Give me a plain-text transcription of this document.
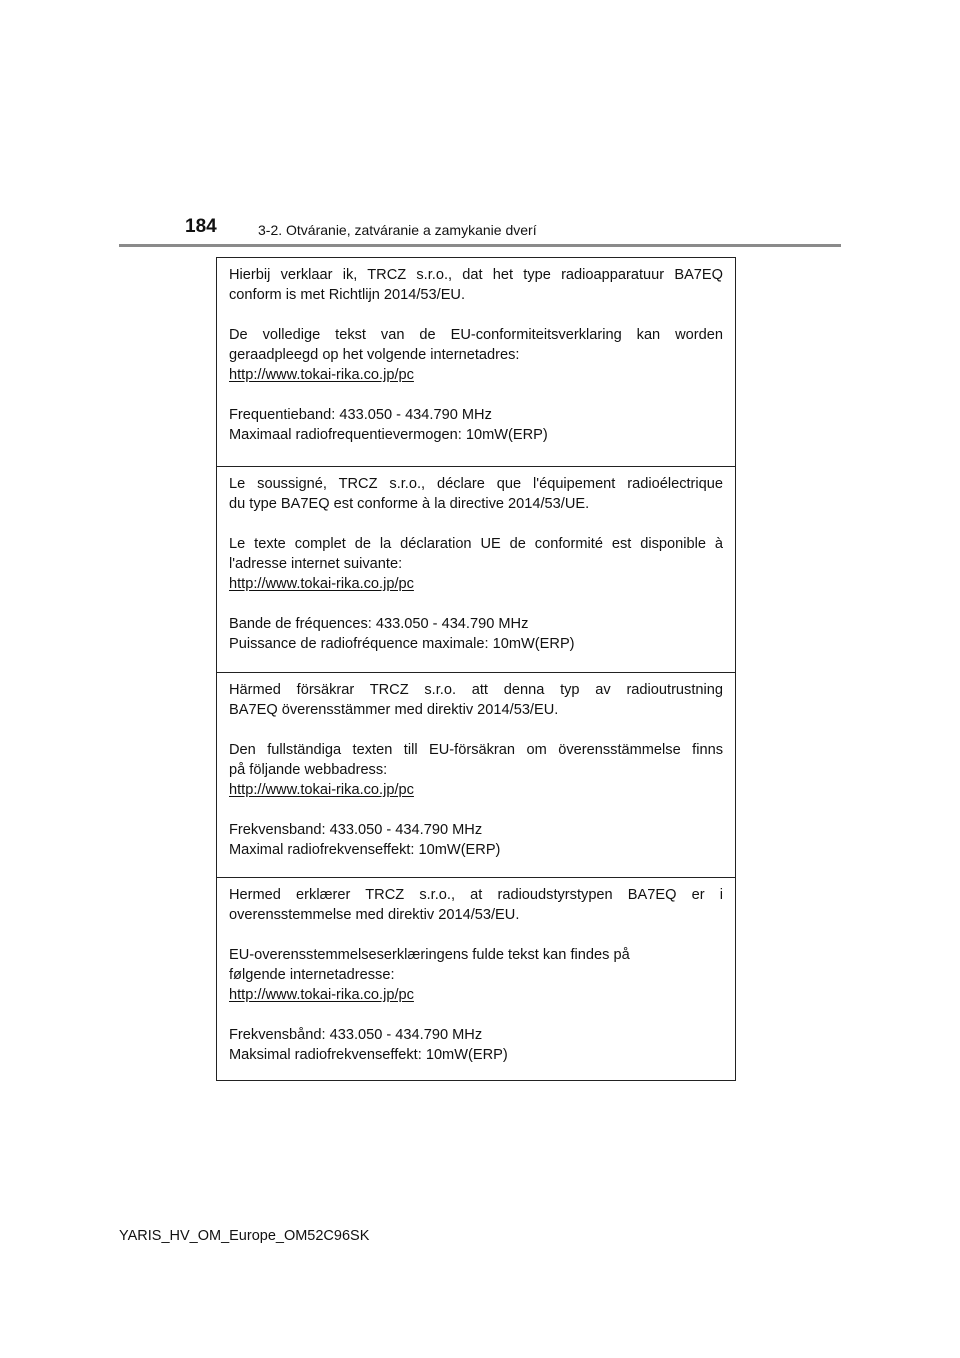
184	3-2. Otváranie, zatváranie a zamykanie dverí

Hierbij verklaar ik, TRCZ s.r.o., dat het type radioapparatuur BA7EQ

conform is met Richtlijn 2014/53/EU.

De volledige tekst van de EU-conformiteitsverklaring kan worden

geraadpleegd op het volgende internetadres:

http://www.tokai-rika.co.jp/pc

Frequentieband: 433.050 - 434.790 MHz

Maximaal radiofrequentievermogen: 10mW(ERP)

Le soussigné, TRCZ s.r.o., déclare que l'équipement radioélectrique

du type BA7EQ est conforme à la directive 2014/53/UE.

Le texte complet de la déclaration UE de conformité est disponible à

l'adresse internet suivante:

http://www.tokai-rika.co.jp/pc

Bande de fréquences: 433.050 - 434.790 MHz

Puissance de radiofréquence maximale: 10mW(ERP)

Härmed försäkrar TRCZ s.r.o. att denna typ av radioutrustning

BA7EQ överensstämmer med direktiv 2014/53/EU.

Den fullständiga texten till EU-försäkran om överensstämmelse finns

på följande webbadress:

http://www.tokai-rika.co.jp/pc

Frekvensband: 433.050 - 434.790 MHz

Maximal radiofrekvenseffekt: 10mW(ERP)

Hermed erklærer TRCZ s.r.o., at radioudstyrstypen BA7EQ er i

overensstemmelse med direktiv 2014/53/EU.

EU-overensstemmelseserklæringens fulde tekst kan findes på

følgende internetadresse:

http://www.tokai-rika.co.jp/pc

Frekvensbånd: 433.050 - 434.790 MHz

Maksimal radiofrekvenseffekt: 10mW(ERP)

YARIS_HV_OM_Europe_OM52C96SK
